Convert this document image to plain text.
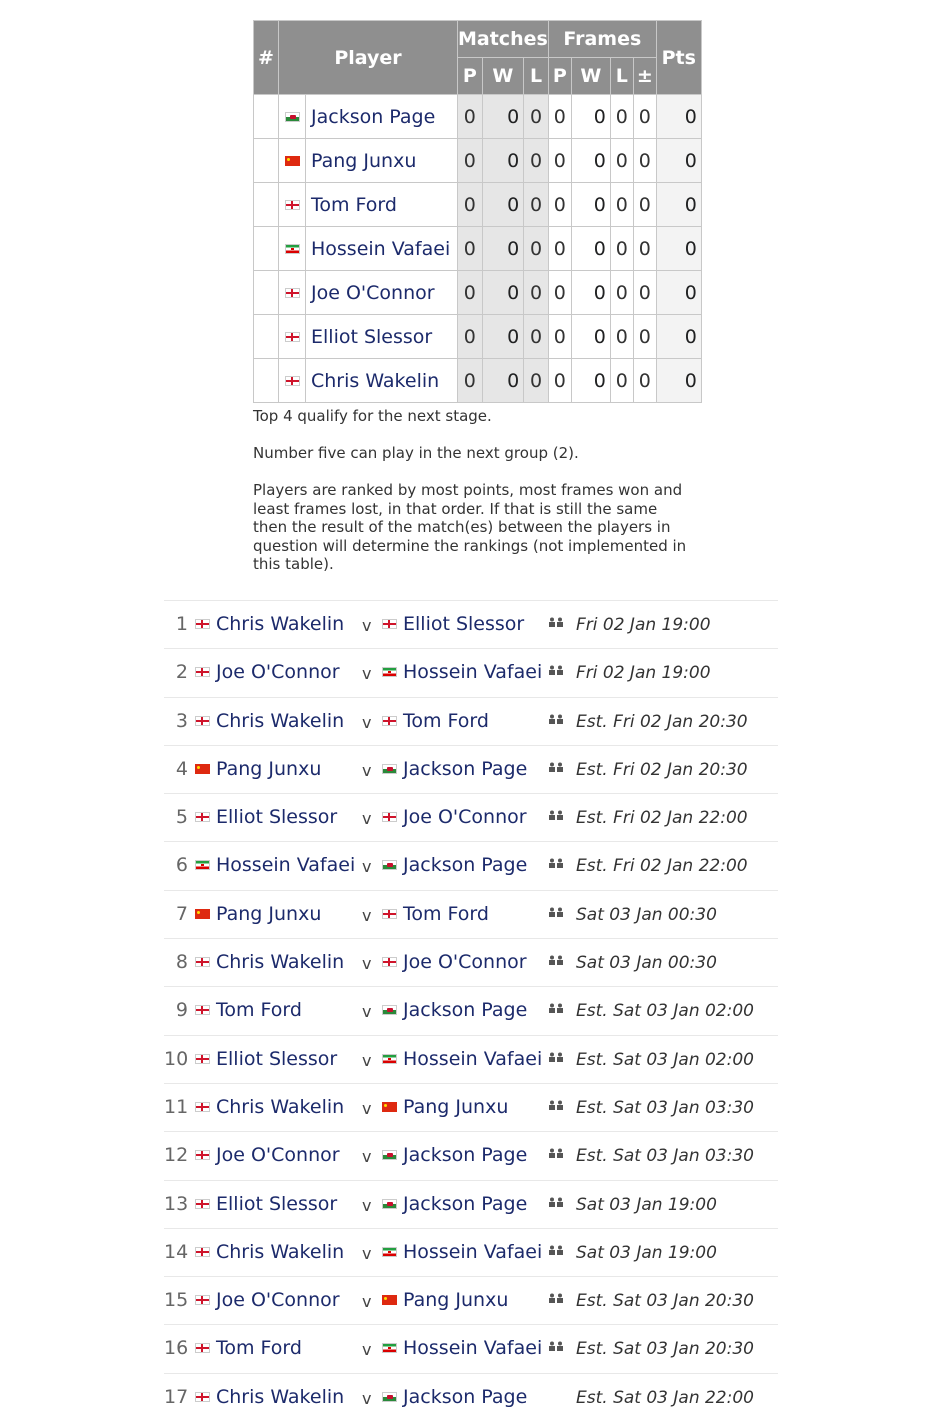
#	Player		Matches			Frames				Pts
			P	W	L	P	W	L	±	
		Jackson Page	0	0	0	0	0	0	0	0
		Pang Junxu	0	0	0	0	0	0	0	0
		Tom Ford	0	0	0	0	0	0	0	0
		Hossein Vafaei	0	0	0	0	0	0	0	0
		Joe O'Connor	0	0	0	0	0	0	0	0
		Elliot Slessor	0	0	0	0	0	0	0	0
		Chris Wakelin	0	0	0	0	0	0	0	0
Top 4 qualify for the next stage.
Number five can play in the next group (2).
Players are ranked by most points, most frames won and least frames lost, in that order. If that is still the same then the result of the match(es) between the players in question will determine the rankings (not implemented in this table).
1 Chris Wakelin v Elliot Slessor	Fri 02 Jan 19:00
2 Joe O'Connor v Hossein Vafaei Fri 02 Jan 19:00
3 Chris Wakelin v Tom Ford	Est. Fri 02 Jan 20:30
4 Pang Junxu	v Jackson Page	Est. Fri 02 Jan 20:30
5 Elliot Slessor v Joe O'Connor	Est. Fri 02 Jan 22:00
6 Hossein Vafaei v Jackson Page	Est. Fri 02 Jan 22:00
7 Pang Junxu	v Tom Ford	Sat 03 Jan 00:30
8 Chris Wakelin v Joe O'Connor	Sat 03 Jan 00:30
9 Tom Ford	v Jackson Page	Est. Sat 03 Jan 02:00
10 Elliot Slessor v Hossein Vafaei Est. Sat 03 Jan 02:00
11 Chris Wakelin v Pang Junxu	Est. Sat 03 Jan 03:30
12 Joe O'Connor v Jackson Page	Est. Sat 03 Jan 03:30
13 Elliot Slessor v Jackson Page	Sat 03 Jan 19:00
14 Chris Wakelin v Hossein Vafaei Sat 03 Jan 19:00
15 Joe O'Connor v Pang Junxu	Est. Sat 03 Jan 20:30
16 Tom Ford	v Hossein Vafaei Est. Sat 03 Jan 20:30
17 Chris Wakelin v Jackson Page	Est. Sat 03 Jan 22:00
